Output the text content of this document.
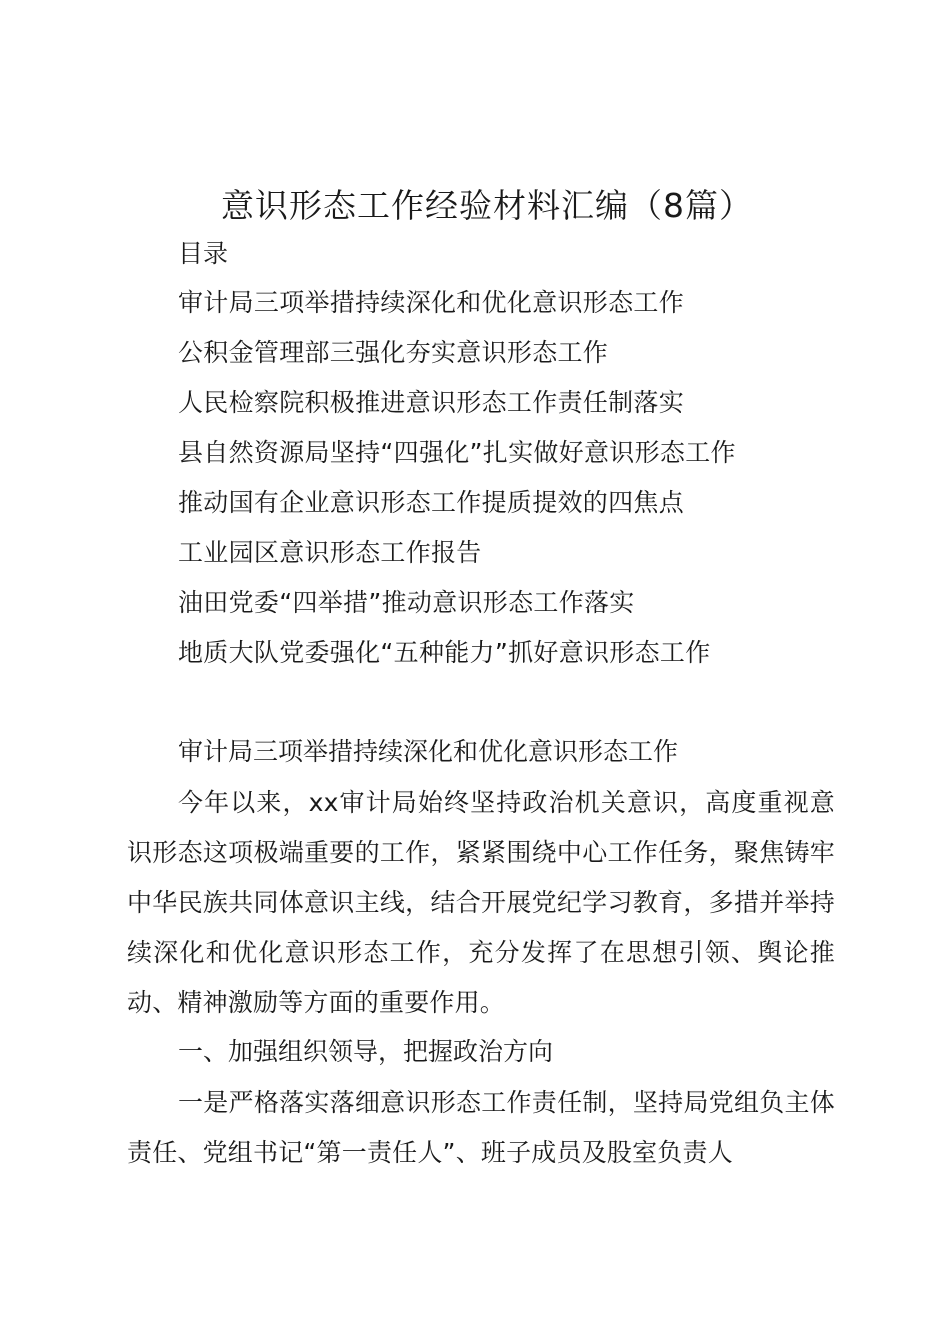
意识形态工作经验材料汇编（8篇）
目录
审计局三项举措持续深化和优化意识形态工作
公积金管理部三强化夯实意识形态工作
人民检察院积极推进意识形态工作责任制落实
县自然资源局坚持“四强化”扎实做好意识形态工作
推动国有企业意识形态工作提质提效的四焦点
工业园区意识形态工作报告
油田党委“四举措”推动意识形态工作落实
地质大队党委强化“五种能力”抓好意识形态工作
审计局三项举措持续深化和优化意识形态工作

今年以来，xx审计局始终坚持政治机关意识，高度重视意识形态这项极端重要的工作，紧紧围绕中心工作任务，聚焦铸牢中华民族共同体意识主线，结合开展党纪学习教育，多措并举持续深化和优化意识形态工作，充分发挥了在思想引领、舆论推动、精神激励等方面的重要作用。

一、加强组织领导，把握政治方向

一是严格落实落细意识形态工作责任制，坚持局党组负主体责任、党组书记“第一责任人”、班子成员及股室负责人
